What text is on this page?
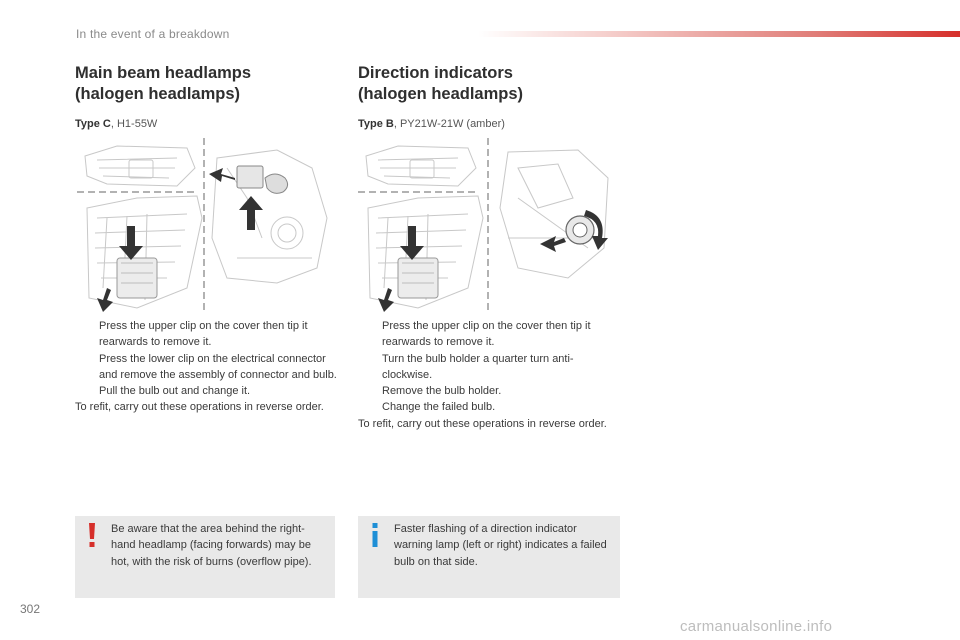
In the event of a breakdown
Main beam headlamps
(halogen headlamps)
Type C, H1-55W
Direction indicators
(halogen headlamps)
Type B, PY21W-21W (amber)
Press the upper clip on the cover then tip it rearwards to remove it.
Press the lower clip on the electrical connector and remove the assembly of connector and bulb.
Pull the bulb out and change it.

To refit, carry out these operations in reverse order.

Press the upper clip on the cover then tip it rearwards to remove it.
Turn the bulb holder a quarter turn anti-clockwise.
Remove the bulb holder.
Change the failed bulb.

To refit, carry out these operations in reverse order.

Be aware that the area behind the right-hand headlamp (facing forwards) may be hot, with the risk of burns (overflow pipe).
Faster flashing of a direction indicator warning lamp (left or right) indicates a failed bulb on that side.
302
carmanualsonline.info
